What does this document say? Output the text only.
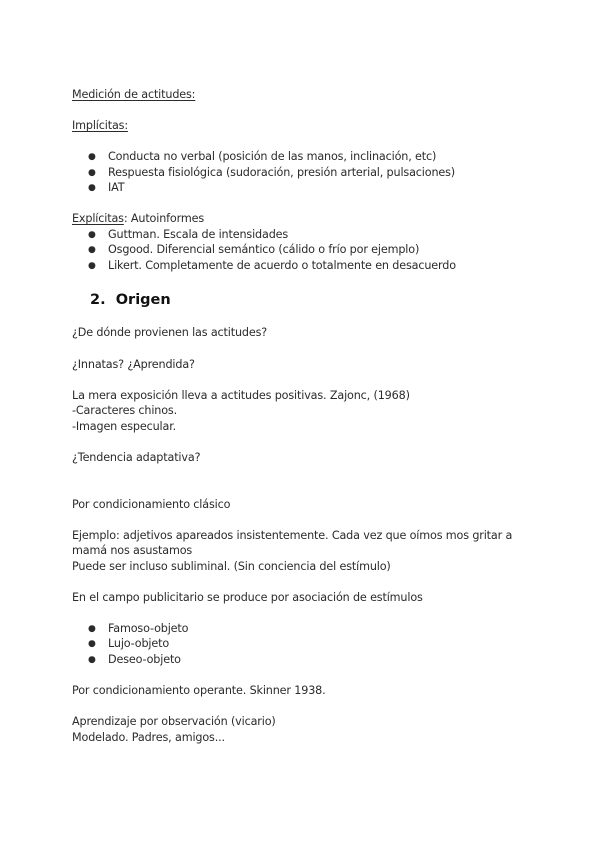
Medición de actitudes:
Implícitas:
● Conducta no verbal (posición de las manos, inclinación, etc)
● Respuesta fisiológica (sudoración, presión arterial, pulsaciones)
● IAT
Explícitas: Autoinformes
● Guttman. Escala de intensidades
● Osgood. Diferencial semántico (cálido o frío por ejemplo)
● Likert. Completamente de acuerdo o totalmente en desacuerdo
2. Origen
¿De dónde provienen las actitudes?
¿Innatas? ¿Aprendida?
La mera exposición lleva a actitudes positivas. Zajonc, (1968)
-Caracteres chinos.
-Imagen especular.
¿Tendencia adaptativa?
Por condicionamiento clásico
Ejemplo: adjetivos apareados insistentemente. Cada vez que oímos mos gritar a
mamá nos asustamos
Puede ser incluso subliminal. (Sin conciencia del estímulo)
En el campo publicitario se produce por asociación de estímulos
● Famoso-objeto
● Lujo-objeto
● Deseo-objeto
Por condicionamiento operante. Skinner 1938.
Aprendizaje por observación (vicario)
Modelado. Padres, amigos...
